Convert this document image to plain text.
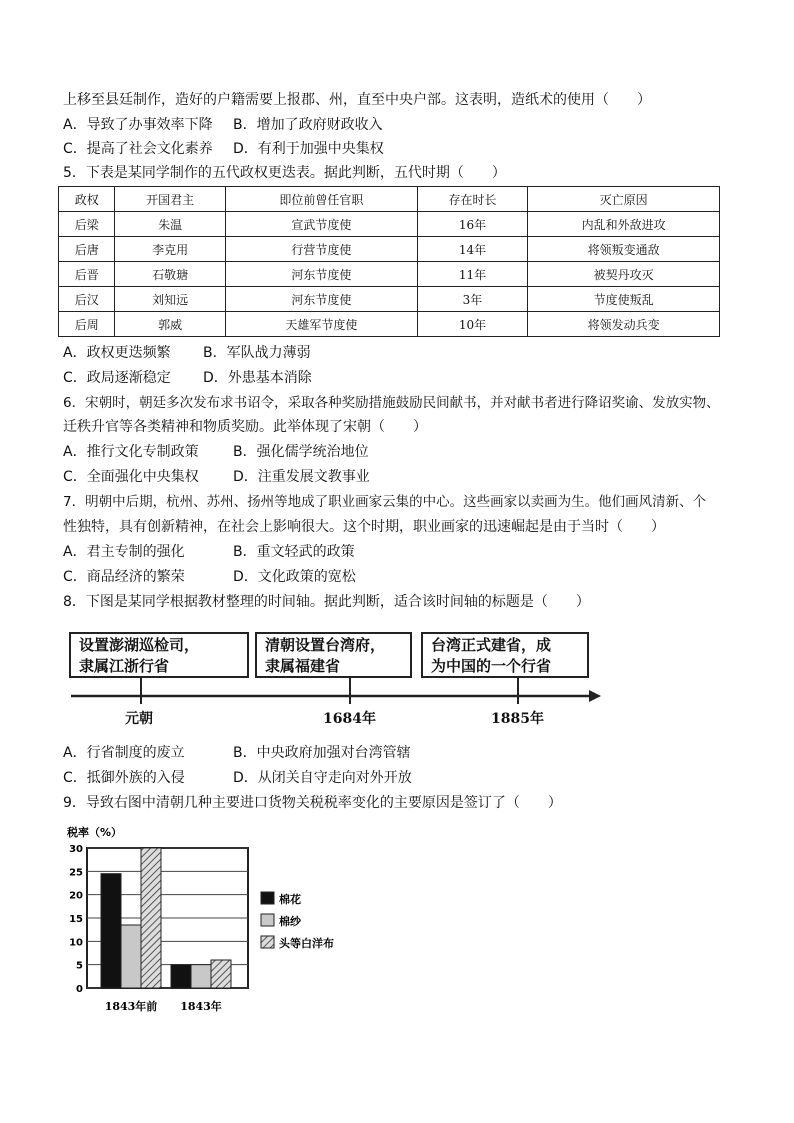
上移至县廷制作，造好的户籍需要上报郡、州，直至中央户部。这表明，造纸术的使用（　　）
A．导致了办事效率下降 B．增加了政府财政收入
C．提高了社会文化素养 D．有利于加强中央集权
5．下表是某同学制作的五代政权更迭表。据此判断，五代时期（　　）
政权	开国君主	即位前曾任官职	存在时长	灭亡原因
后梁	朱温	宣武节度使	16年	内乱和外敌进攻
后唐	李克用	行营节度使	14年	将领叛变通敌
后晋	石敬瑭	河东节度使	11年	被契丹攻灭
后汉	刘知远	河东节度使	3年	节度使叛乱
后周	郭威	天雄军节度使	10年	将领发动兵变
A．政权更迭频繁 B．军队战力薄弱
C．政局逐渐稳定 D．外患基本消除
6．宋朝时，朝廷多次发布求书诏令，采取各种奖励措施鼓励民间献书，并对献书者进行降诏奖谕、发放实物、
迁秩升官等各类精神和物质奖励。此举体现了宋朝（　　）
A．推行文化专制政策 B．强化儒学统治地位
C．全面强化中央集权 D．注重发展文教事业
7．明朝中后期，杭州、苏州、扬州等地成了职业画家云集的中心。这些画家以卖画为生。他们画风清新、个
性独特，具有创新精神，在社会上影响很大。这个时期，职业画家的迅速崛起是由于当时（　　）
A．君主专制的强化	B．重文轻武的政策
C．商品经济的繁荣	D．文化政策的宽松
8．下图是某同学根据教材整理的时间轴。据此判断，适合该时间轴的标题是（　　）
设置澎湖巡检司，
隶属江浙行省
清朝设置台湾府，
隶属福建省
台湾正式建省，成
为中国的一个行省
元朝	1684年	1885年
A．行省制度的废立	B．中央政府加强对台湾管辖
C．抵御外族的入侵	D．从闭关自守走向对外开放
9．导致右图中清朝几种主要进口货物关税税率变化的主要原因是签订了（　　）
税率（%）
0
5
10
15
20
25
30
1843年前 1843年
棉花
棉纱
头等白洋布
